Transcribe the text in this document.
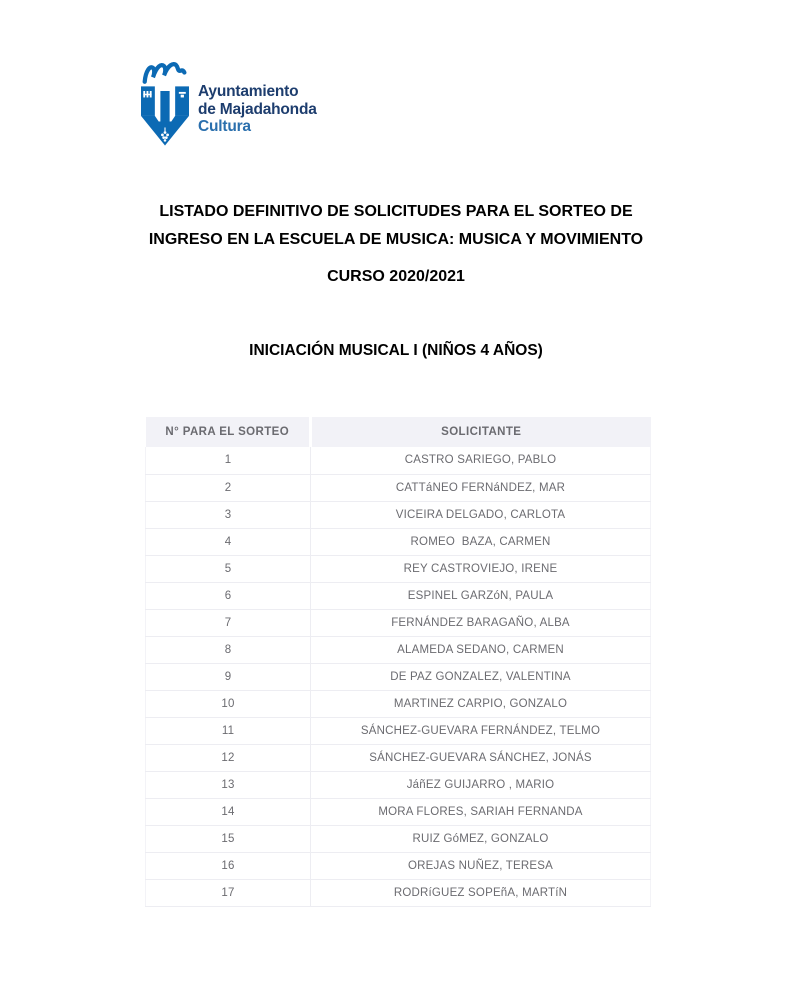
Ayuntamiento
de Majadahonda
Cultura
LISTADO DEFINITIVO DE SOLICITUDES PARA EL SORTEO DE
INGRESO EN LA ESCUELA DE MUSICA: MUSICA Y MOVIMIENTO
CURSO 2020/2021
INICIACIÓN MUSICAL I (NIÑOS 4 AÑOS)
N° PARA EL SORTEO	SOLICITANTE
1	CASTRO SARIEGO, PABLO
2	CATTáNEO FERNáNDEZ, MAR
3	VICEIRA DELGADO, CARLOTA
4	ROMEO  BAZA, CARMEN
5	REY CASTROVIEJO, IRENE
6	ESPINEL GARZóN, PAULA
7	FERNÁNDEZ BARAGAÑO, ALBA
8	ALAMEDA SEDANO, CARMEN
9	DE PAZ GONZALEZ, VALENTINA
10	MARTINEZ CARPIO, GONZALO
11	SÁNCHEZ-GUEVARA FERNÁNDEZ, TELMO
12	SÁNCHEZ-GUEVARA SÁNCHEZ, JONÁS
13	JáñEZ GUIJARRO , MARIO
14	MORA FLORES, SARIAH FERNANDA
15	RUIZ GóMEZ, GONZALO
16	OREJAS NUÑEZ, TERESA
17	RODRíGUEZ SOPEñA, MARTíN
